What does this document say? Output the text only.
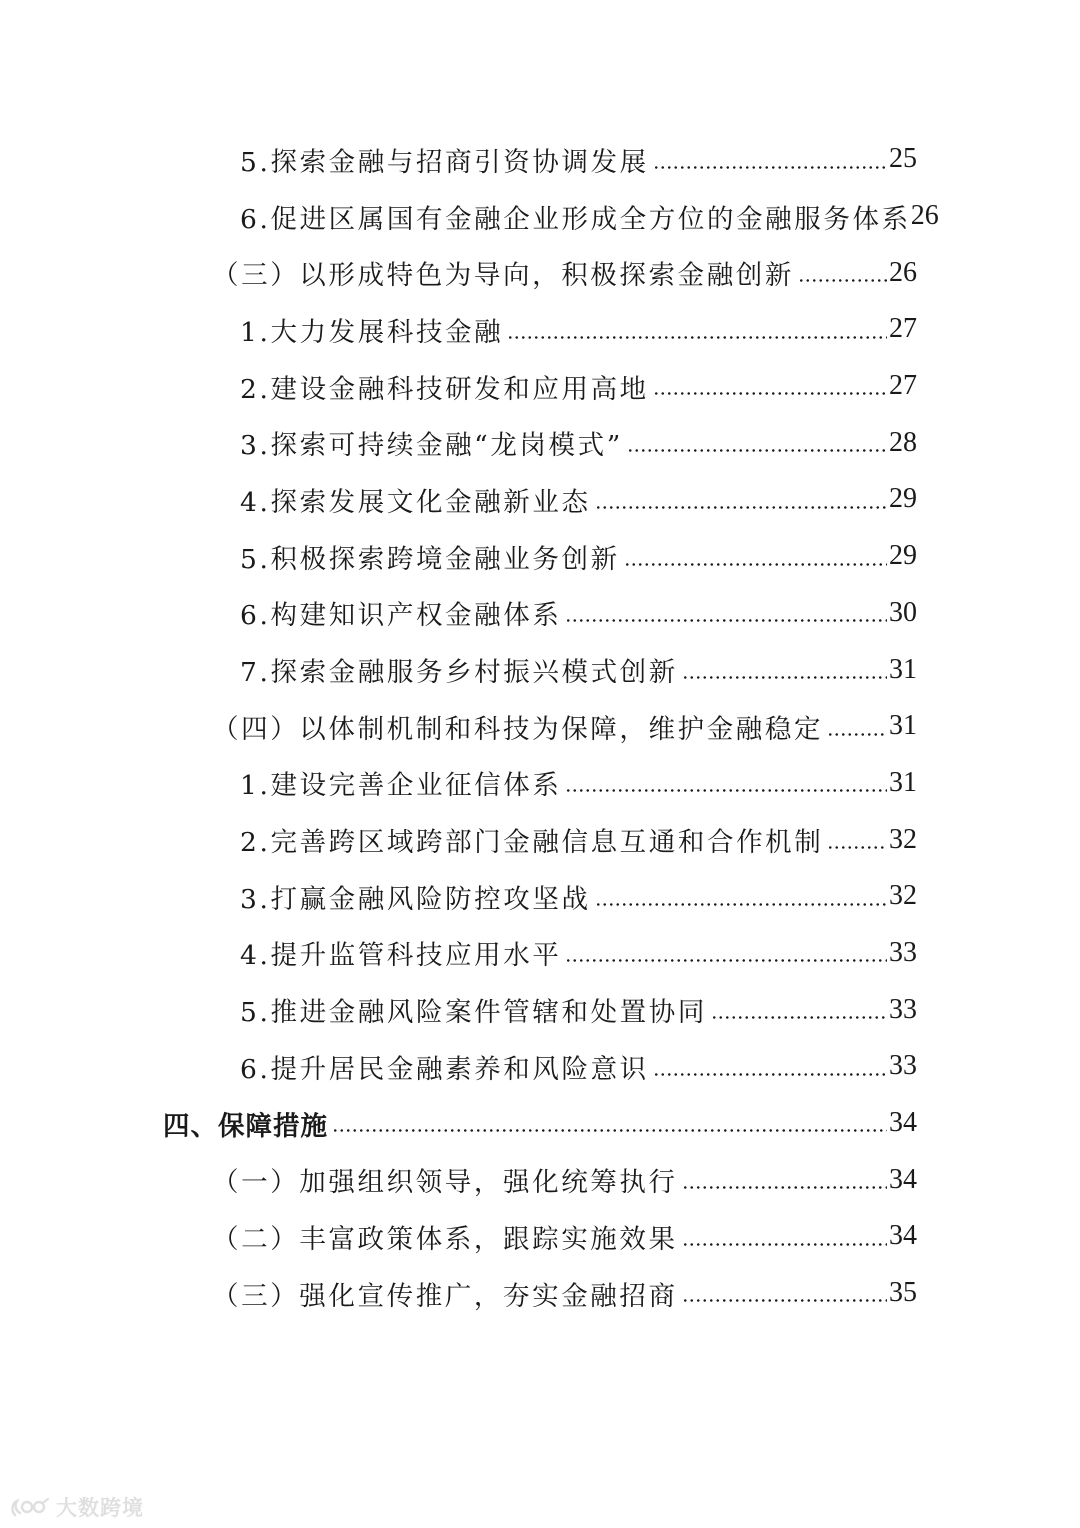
5.探索金融与招商引资协调发展	25
6.促进区属国有金融企业形成全方位的金融服务体系 26
（三）以形成特色为导向，积极探索金融创新	26
1.大力发展科技金融	27
2.建设金融科技研发和应用高地	27
3.探索可持续金融“龙岗模式”	28
4.探索发展文化金融新业态	29
5.积极探索跨境金融业务创新	29
6.构建知识产权金融体系	30
7.探索金融服务乡村振兴模式创新	31
（四）以体制机制和科技为保障，维护金融稳定 31
1.建设完善企业征信体系	31
2.完善跨区域跨部门金融信息互通和合作机制 32
3.打赢金融风险防控攻坚战	32
4.提升监管科技应用水平	33
5.推进金融风险案件管辖和处置协同	33
6.提升居民金融素养和风险意识	33
四、保障措施	34
（一）加强组织领导，强化统筹执行	34
（二）丰富政策体系，跟踪实施效果	34
（三）强化宣传推广，夯实金融招商	35
大数跨境
